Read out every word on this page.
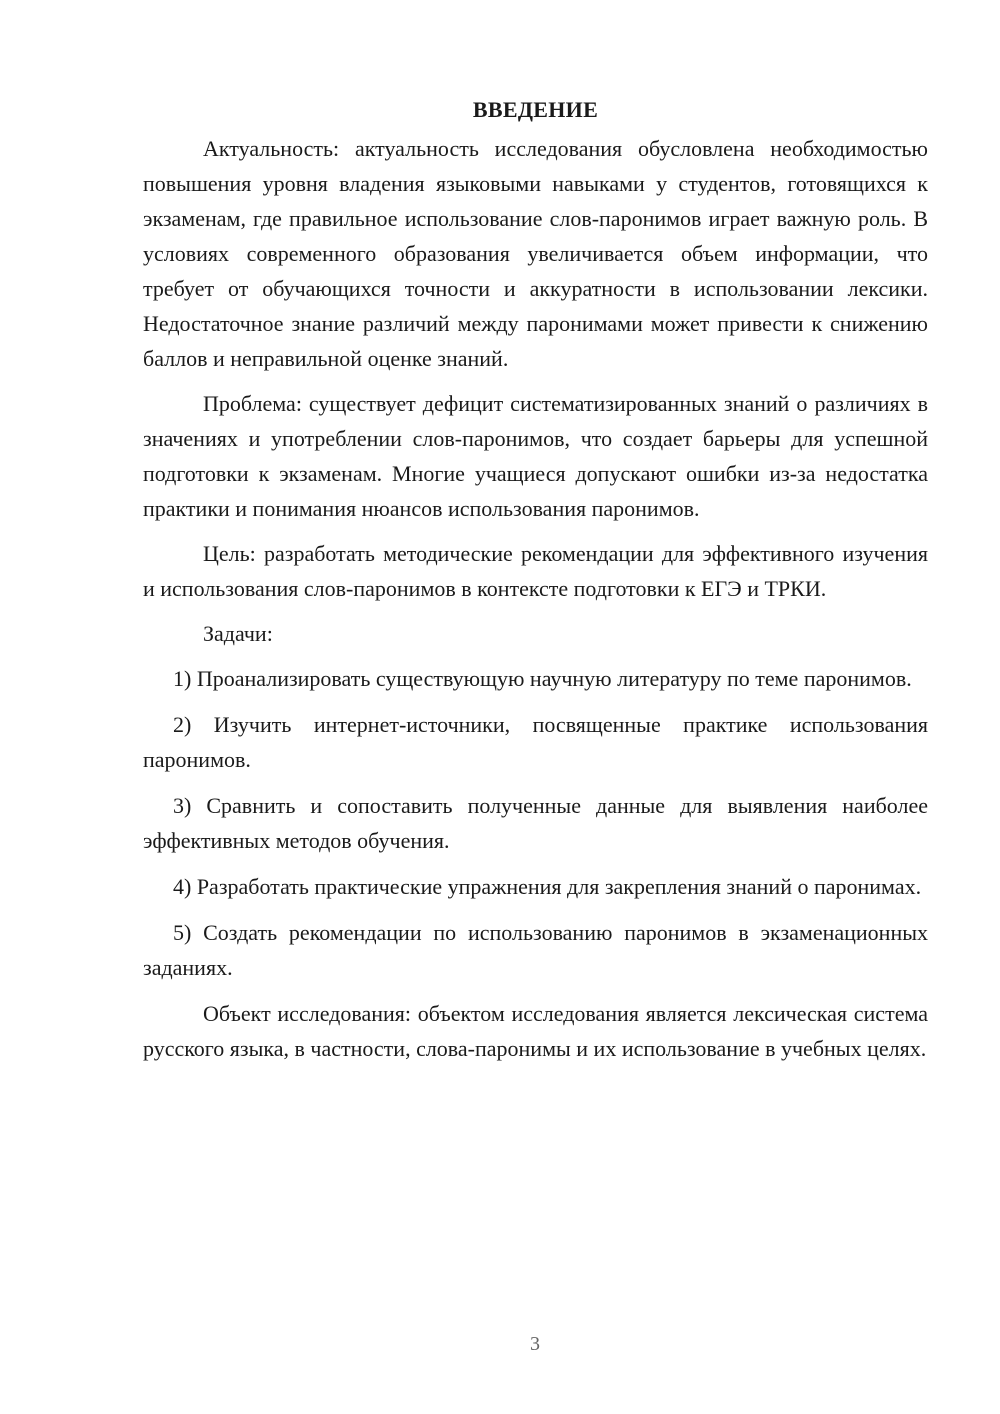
ВВЕДЕНИЕ

Актуальность: актуальность исследования обусловлена необходимостью повышения уровня владения языковыми навыками у студентов, готовящихся к экзаменам, где правильное использование слов-паронимов играет важную роль. В условиях современного образования увеличивается объем информации, что требует от обучающихся точности и аккуратности в использовании лексики. Недостаточное знание различий между паронимами может привести к снижению баллов и неправильной оценке знаний.

Проблема: существует дефицит систематизированных знаний о различиях в значениях и употреблении слов-паронимов, что создает барьеры для успешной подготовки к экзаменам. Многие учащиеся допускают ошибки из-за недостатка практики и понимания нюансов использования паронимов.

Цель: разработать методические рекомендации для эффективного изучения и использования слов-паронимов в контексте подготовки к ЕГЭ и ТРКИ.

Задачи:

1) Проанализировать существующую научную литературу по теме паронимов.

2) Изучить интернет-источники, посвященные практике использования паронимов.

3) Сравнить и сопоставить полученные данные для выявления наиболее эффективных методов обучения.

4) Разработать практические упражнения для закрепления знаний о паронимах.

5) Создать рекомендации по использованию паронимов в экзаменационных заданиях.

Объект исследования: объектом исследования является лексическая система русского языка, в частности, слова-паронимы и их использование в учебных целях.

3
